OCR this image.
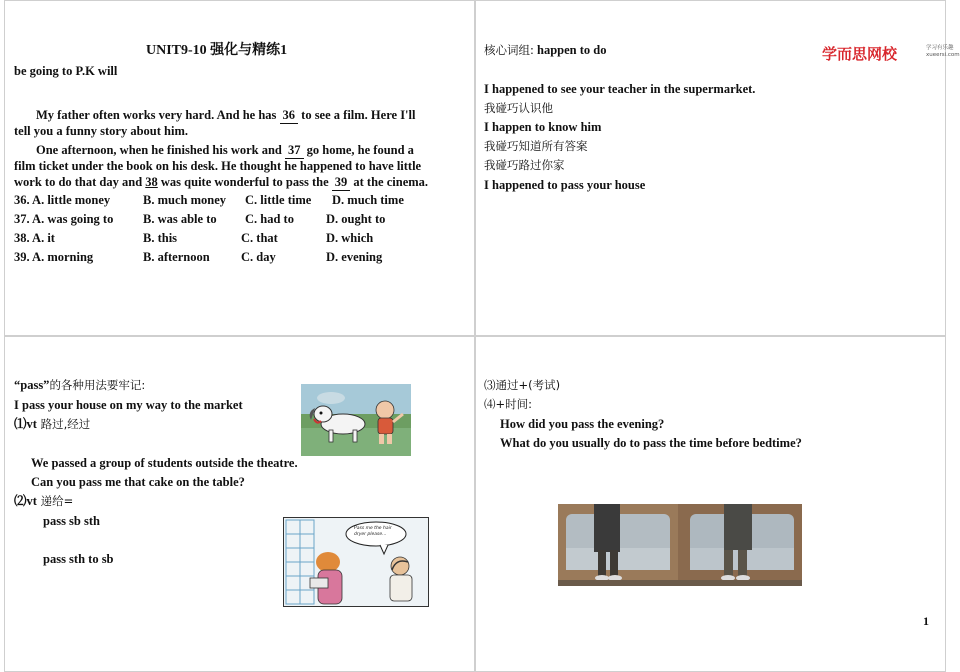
UNIT9-10 强化与精练1
be going to P.K will
My father often works very hard. And he has 36 to see a film. Here I'll
tell you a funny story about him.
One afternoon, when he finished his work and 37 go home, he found a
film ticket under the book on his desk. He thought he happened to have little
work to do that day and 38 was quite wonderful to pass the 39 at the cinema.
36. A. little money	B. much money C. little time D. much time
37. A. was going to B. was able to C. had to	D. ought to
38. A. it	B. this	C. that	D. which
39. A. morning	B. afternoon	C. day	D. evening
核心词组: happen to do	学而思网校	学习有乐趣
xueersi.com
I happened to see your teacher in the supermarket.
我碰巧认识他
I happen to know him
我碰巧知道所有答案
我碰巧路过你家
I happened to pass your house
“pass”的各种用法要牢记:
I pass your house on my way to the market
⑴vt 路过,经过
We passed a group of students outside the theatre.
Can you pass me that cake on the table?
⑵vt 递给=
pass sb sth
pass sth to sb
Pass me the hair dryer please...
⑶通过+(考试)
⑷+时间:
How did you pass the evening?
What do you usually do to pass the time before bedtime?
1
